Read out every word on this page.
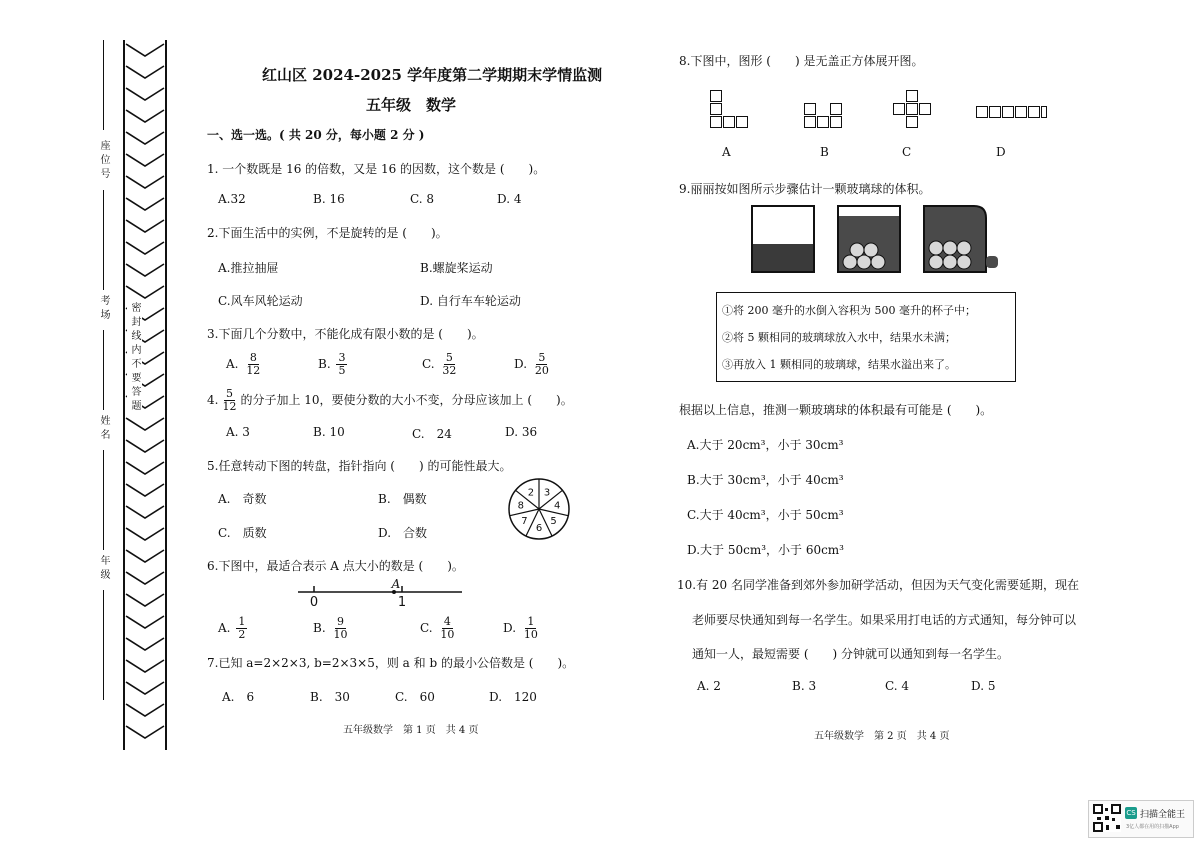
座位号
考场
姓名
年级
密封线内不要答题
红山区 2024-2025 学年度第二学期期末学情监测
五年级　数学
一、选一选。( 共 20 分，每小题 2 分 )
1. 一个数既是 16 的倍数，又是 16 的因数，这个数是 (　　)。
A.32	B. 16	C. 8	D. 4
2.下面生活中的实例，不是旋转的是 (　　)。
A.推拉抽屉	B.螺旋桨运动
C.风车风轮运动	D. 自行车车轮运动
3.下面几个分数中，不能化成有限小数的是 (　　)。
A. $\frac{8}{12}$	B. $\frac{3}{5}$	C. $\frac{5}{32}$	D. $\frac{5}{20}$
4. $\frac{5}{12}$ 的分子加上 10，要使分数的大小不变，分母应该加上 (　　)。
A. 3	B. 10	C.　24	D. 36
5.任意转动下图的转盘，指针指向 (　　) 的可能性最大。
A.　奇数	B.　偶数
C.　质数	D.　合数
3
4
5
6
7
8
2
6.下图中，最适合表示 A 点大小的数是 (　　)。
0	1
A
A. $\frac{1}{2}$	B. $\frac{9}{10}$	C. $\frac{4}{10}$	D. $\frac{1}{10}$
7.已知 a=2×2×3, b=2×3×5，则 a 和 b 的最小公倍数是 (　　)。
A.　6	B.　30	C.　60	D.　120
五年级数学　第 1 页　共 4 页
8.下图中，图形 (　　) 是无盖正方体展开图。
A	B	C	D
9.丽丽按如图所示步骤估计一颗玻璃球的体积。
①将 200 毫升的水倒入容积为 500 毫升的杯子中；
②将 5 颗相同的玻璃球放入水中，结果水未满；
③再放入 1 颗相同的玻璃球，结果水溢出来了。
根据以上信息，推测一颗玻璃球的体积最有可能是 (　　)。
A.大于 20cm³，小于 30cm³
B.大于 30cm³，小于 40cm³
C.大于 40cm³，小于 50cm³
D.大于 50cm³，小于 60cm³
10.有 20 名同学准备到郊外参加研学活动，但因为天气变化需要延期，现在
老师要尽快通知到每一名学生。如果采用打电话的方式通知，每分钟可以
通知一人，最短需要 (　　) 分钟就可以通知到每一名学生。
A. 2	B. 3	C. 4	D. 5
五年级数学　第 2 页　共 4 页
CS 扫描全能王
3亿人都在用的扫描App
